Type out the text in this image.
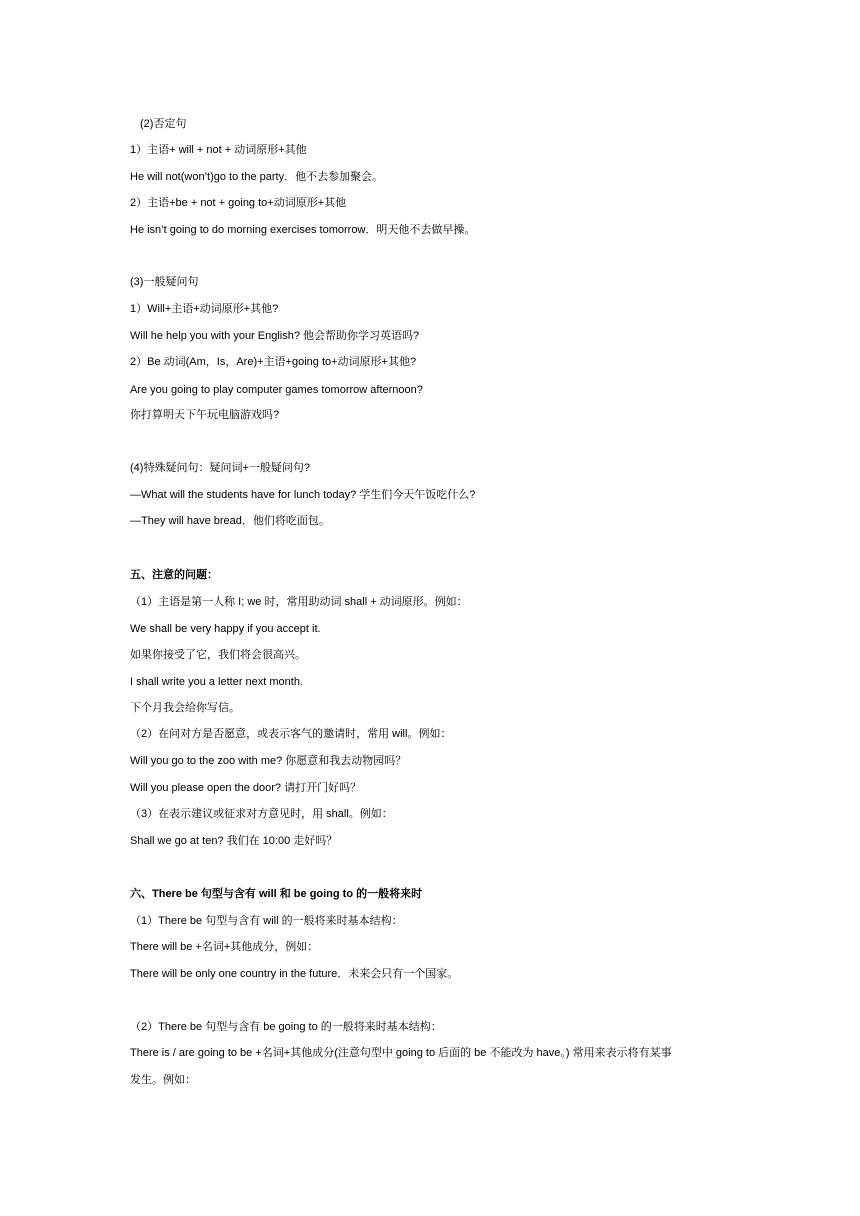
(2)否定句
1）主语+ will + not + 动词原形+其他
He will not(won’t)go to the party．他不去参加聚会。
2）主语+be + not + going to+动词原形+其他
He isn’t going to do morning exercises tomorrow．明天他不去做早操。
(3)一般疑问句
1）Will+主语+动词原形+其他?
Will he help you with your English? 他会帮助你学习英语吗?
2）Be 动词(Am，Is，Are)+主语+going to+动词原形+其他?
Are you going to play computer games tomorrow afternoon?
你打算明天下午玩电脑游戏吗?
(4)特殊疑问句：疑问词+一般疑问句?
—What will the students have for lunch today? 学生们今天午饭吃什么?
—They will have bread．他们将吃面包。
五、注意的问题：
（1）主语是第一人称 I; we 时，常用助动词 shall + 动词原形。例如：
We shall be very happy if you accept it.
如果你接受了它，我们将会很高兴。
I shall write you a letter next month.
下个月我会给你写信。
（2）在问对方是否愿意，或表示客气的邀请时，常用 will。例如：
Will you go to the zoo with me? 你愿意和我去动物园吗？
Will you please open the door? 请打开门好吗？
（3）在表示建议或征求对方意见时，用 shall。例如：
Shall we go at ten? 我们在 10:00 走好吗？
六、There be 句型与含有 will 和 be going to 的一般将来时
（1）There be 句型与含有 will 的一般将来时基本结构：
There will be +名词+其他成分，例如：
There will be only one country in the future．未来会只有一个国家。
（2）There be 句型与含有 be going to 的一般将来时基本结构：
There is / are going to be +名词+其他成分(注意句型中 going to 后面的 be 不能改为 have。) 常用来表示将有某事
发生。例如：
